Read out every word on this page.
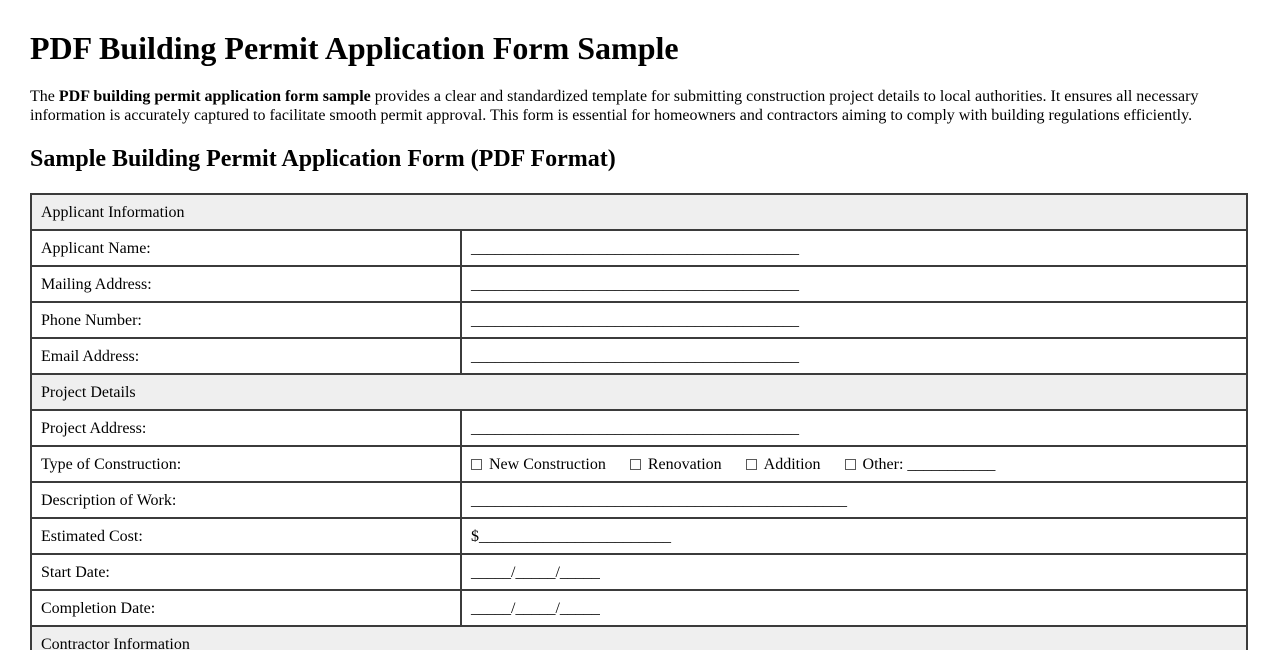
PDF Building Permit Application Form Sample

The PDF building permit application form sample provides a clear and standardized template for submitting construction project details to local authorities. It ensures all necessary information is accurately captured to facilitate smooth permit approval. This form is essential for homeowners and contractors aiming to comply with building regulations efficiently.

Sample Building Permit Application Form (PDF Format)
Applicant Information	
Applicant Name:	_________________________________________
Mailing Address:	_________________________________________
Phone Number:	_________________________________________
Email Address:	_________________________________________
Project Details	
Project Address:	_________________________________________
Type of Construction:	New Construction Renovation Addition Other: ___________
Description of Work:	_______________________________________________
Estimated Cost:	$________________________
Start Date:	_____/_____/_____
Completion Date:	_____/_____/_____
Contractor Information	
